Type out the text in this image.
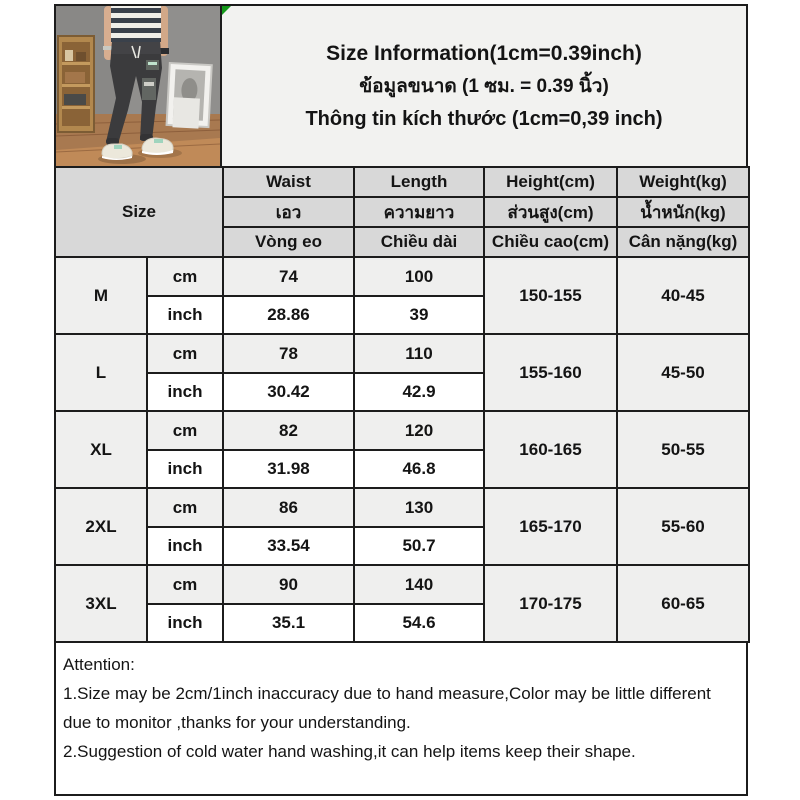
Size Information(1cm=0.39inch)
ข้อมูลขนาด (1 ซม. = 0.39 นิ้ว)
Thông tin kích thước (1cm=0,39 inch)
Size		Waist	Length	Height(cm)	Weight(kg)
		เอว	ความยาว	ส่วนสูง(cm)	น้ำหนัก(kg)
		Vòng eo	Chiều dài	Chiều cao(cm)	Cân nặng(kg)
M	cm	74	100	150-155	40-45
	inch	28.86	39		
L	cm	78	110	155-160	45-50
	inch	30.42	42.9		
XL	cm	82	120	160-165	50-55
	inch	31.98	46.8		
2XL	cm	86	130	165-170	55-60
	inch	33.54	50.7		
3XL	cm	90	140	170-175	60-65
	inch	35.1	54.6		

Attention:

1.Size may be 2cm/1inch inaccuracy due to hand measure,Color may be little different due to monitor ,thanks for your understanding.

2.Suggestion of cold water hand washing,it can help items keep their shape.
